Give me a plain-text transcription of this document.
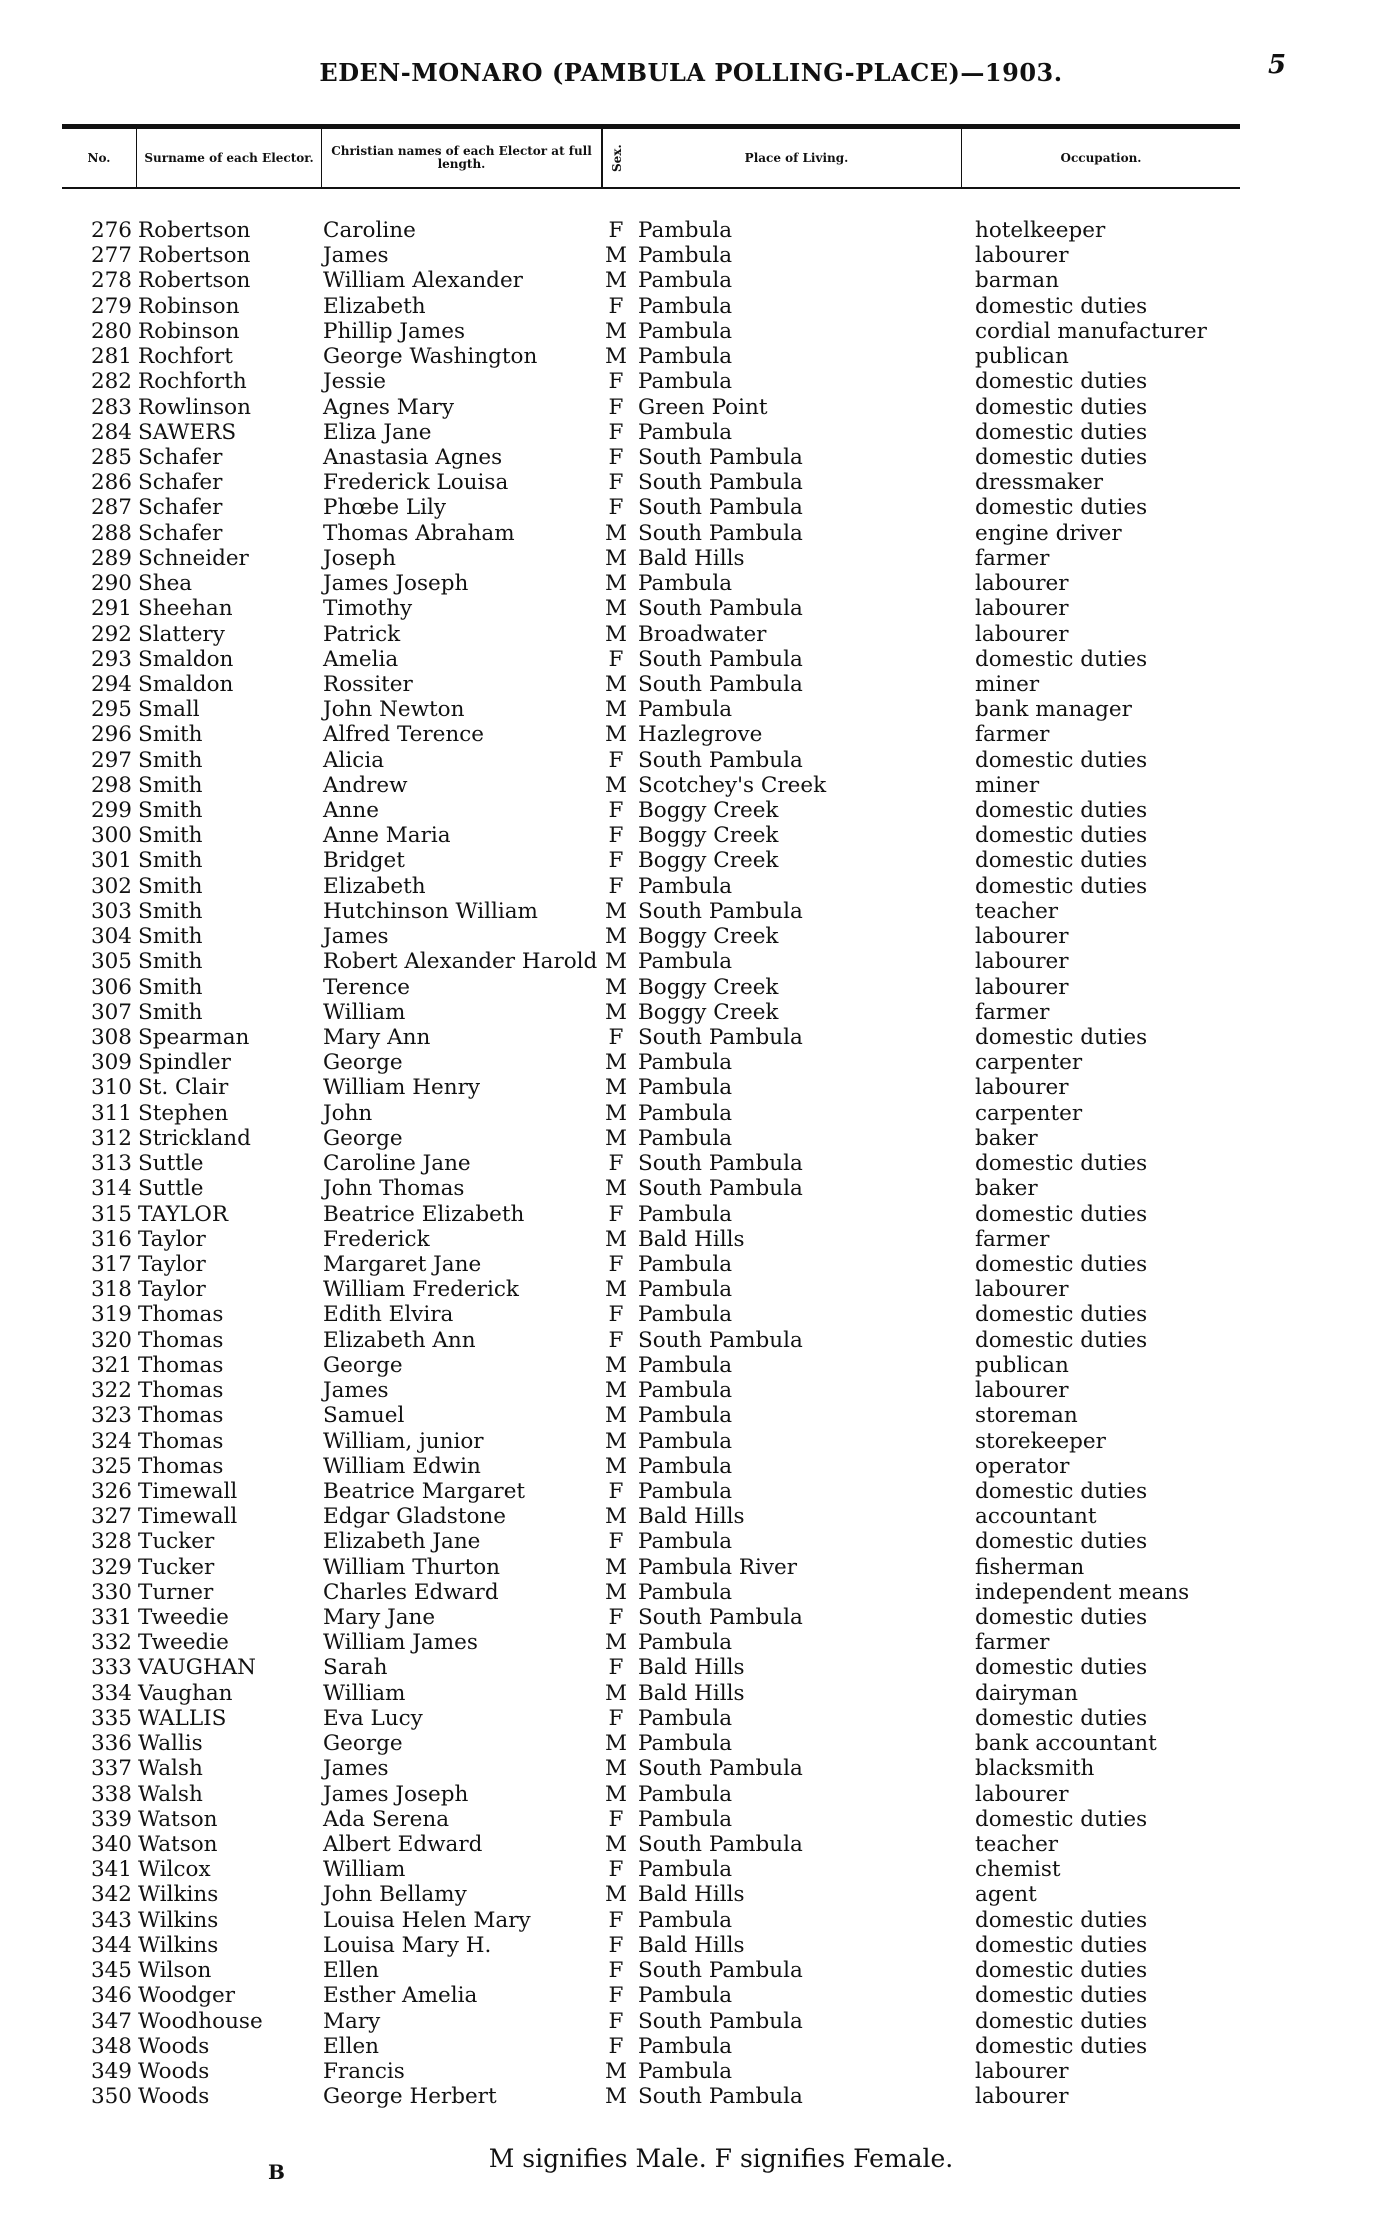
EDEN-MONARO (PAMBULA POLLING-PLACE)—1903.	5
No.	Surname of each Elector.	Christian names of each Elector at full length.	Sex.	Place of Living.	Occupation.
276 Robertson	Caroline	F Pambula	hotelkeeper
277 Robertson	James	M Pambula	labourer
278 Robertson	William Alexander	M Pambula	barman
279 Robinson	Elizabeth	F Pambula	domestic duties
280 Robinson	Phillip James	M Pambula	cordial manufacturer
281 Rochfort	George Washington	M Pambula	publican
282 Rochforth	Jessie	F Pambula	domestic duties
283 Rowlinson	Agnes Mary	F Green Point	domestic duties
284 SAWERS	Eliza Jane	F Pambula	domestic duties
285 Schafer	Anastasia Agnes	F South Pambula	domestic duties
286 Schafer	Frederick Louisa	F South Pambula	dressmaker
287 Schafer	Phœbe Lily	F South Pambula	domestic duties
288 Schafer	Thomas Abraham	M South Pambula	engine driver
289 Schneider	Joseph	M Bald Hills	farmer
290 Shea	James Joseph	M Pambula	labourer
291 Sheehan	Timothy	M South Pambula	labourer
292 Slattery	Patrick	M Broadwater	labourer
293 Smaldon	Amelia	F South Pambula	domestic duties
294 Smaldon	Rossiter	M South Pambula	miner
295 Small	John Newton	M Pambula	bank manager
296 Smith	Alfred Terence	M Hazlegrove	farmer
297 Smith	Alicia	F South Pambula	domestic duties
298 Smith	Andrew	M Scotchey's Creek	miner
299 Smith	Anne	F Boggy Creek	domestic duties
300 Smith	Anne Maria	F Boggy Creek	domestic duties
301 Smith	Bridget	F Boggy Creek	domestic duties
302 Smith	Elizabeth	F Pambula	domestic duties
303 Smith	Hutchinson William	M South Pambula	teacher
304 Smith	James	M Boggy Creek	labourer
305 Smith	Robert Alexander Harold M Pambula	labourer
306 Smith	Terence	M Boggy Creek	labourer
307 Smith	William	M Boggy Creek	farmer
308 Spearman	Mary Ann	F South Pambula	domestic duties
309 Spindler	George	M Pambula	carpenter
310 St. Clair	William Henry	M Pambula	labourer
311 Stephen	John	M Pambula	carpenter
312 Strickland	George	M Pambula	baker
313 Suttle	Caroline Jane	F South Pambula	domestic duties
314 Suttle	John Thomas	M South Pambula	baker
315 TAYLOR	Beatrice Elizabeth	F Pambula	domestic duties
316 Taylor	Frederick	M Bald Hills	farmer
317 Taylor	Margaret Jane	F Pambula	domestic duties
318 Taylor	William Frederick	M Pambula	labourer
319 Thomas	Edith Elvira	F Pambula	domestic duties
320 Thomas	Elizabeth Ann	F South Pambula	domestic duties
321 Thomas	George	M Pambula	publican
322 Thomas	James	M Pambula	labourer
323 Thomas	Samuel	M Pambula	storeman
324 Thomas	William, junior	M Pambula	storekeeper
325 Thomas	William Edwin	M Pambula	operator
326 Timewall	Beatrice Margaret	F Pambula	domestic duties
327 Timewall	Edgar Gladstone	M Bald Hills	accountant
328 Tucker	Elizabeth Jane	F Pambula	domestic duties
329 Tucker	William Thurton	M Pambula River	fisherman
330 Turner	Charles Edward	M Pambula	independent means
331 Tweedie	Mary Jane	F South Pambula	domestic duties
332 Tweedie	William James	M Pambula	farmer
333 VAUGHAN	Sarah	F Bald Hills	domestic duties
334 Vaughan	William	M Bald Hills	dairyman
335 WALLIS	Eva Lucy	F Pambula	domestic duties
336 Wallis	George	M Pambula	bank accountant
337 Walsh	James	M South Pambula	blacksmith
338 Walsh	James Joseph	M Pambula	labourer
339 Watson	Ada Serena	F Pambula	domestic duties
340 Watson	Albert Edward	M South Pambula	teacher
341 Wilcox	William	F Pambula	chemist
342 Wilkins	John Bellamy	M Bald Hills	agent
343 Wilkins	Louisa Helen Mary	F Pambula	domestic duties
344 Wilkins	Louisa Mary H.	F Bald Hills	domestic duties
345 Wilson	Ellen	F South Pambula	domestic duties
346 Woodger	Esther Amelia	F Pambula	domestic duties
347 Woodhouse	Mary	F South Pambula	domestic duties
348 Woods	Ellen	F Pambula	domestic duties
349 Woods	Francis	M Pambula	labourer
350 Woods	George Herbert	M South Pambula	labourer
M signifies Male. F signifies Female.
B
